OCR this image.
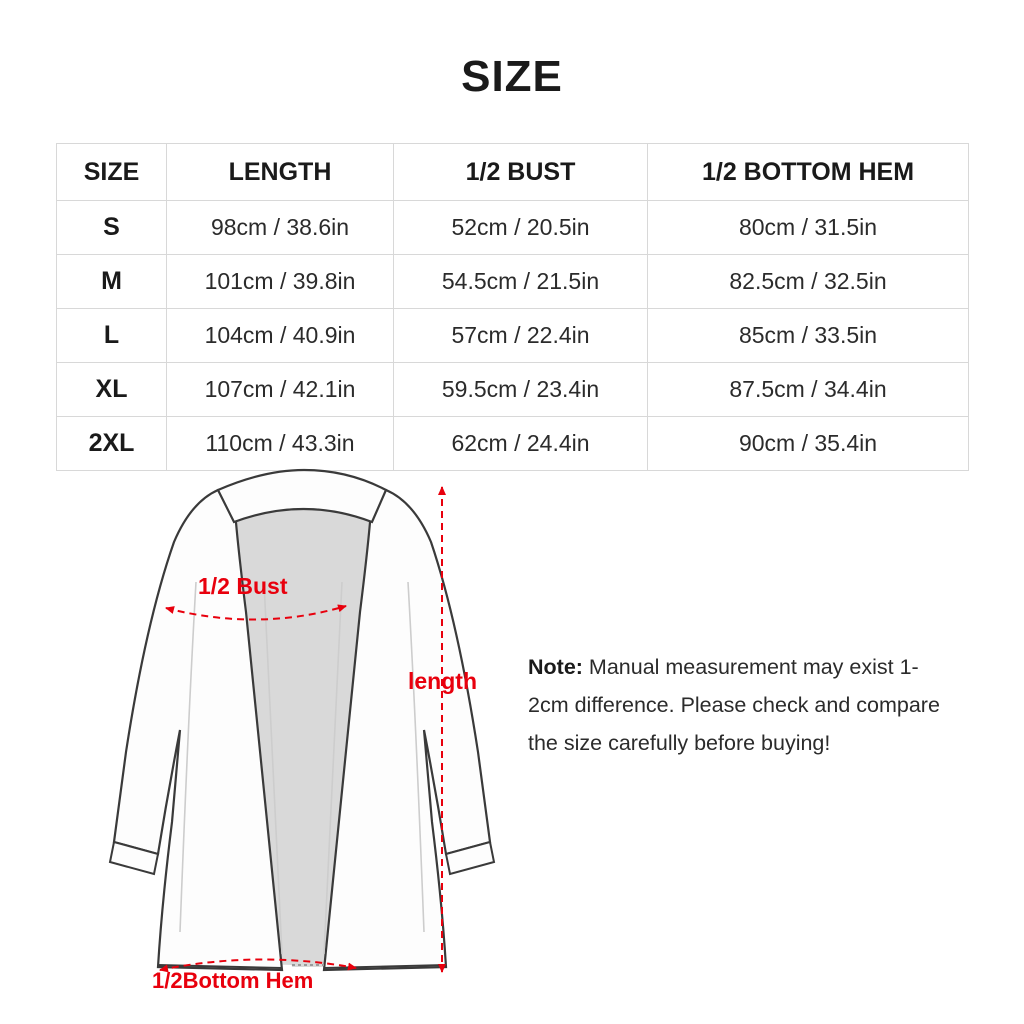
SIZE
SIZE	LENGTH	1/2 BUST	1/2 BOTTOM HEM
S	98cm / 38.6in	52cm / 20.5in	80cm / 31.5in
M	101cm / 39.8in	54.5cm / 21.5in	82.5cm / 32.5in
L	104cm / 40.9in	57cm / 22.4in	85cm / 33.5in
XL	107cm / 42.1in	59.5cm / 23.4in	87.5cm / 34.4in
2XL	110cm / 43.3in	62cm / 24.4in	90cm / 35.4in
1/2 Bust
length
1/2Bottom Hem
Note: Manual measurement may exist 1-2cm difference. Please check and compare the size carefully before buying!
